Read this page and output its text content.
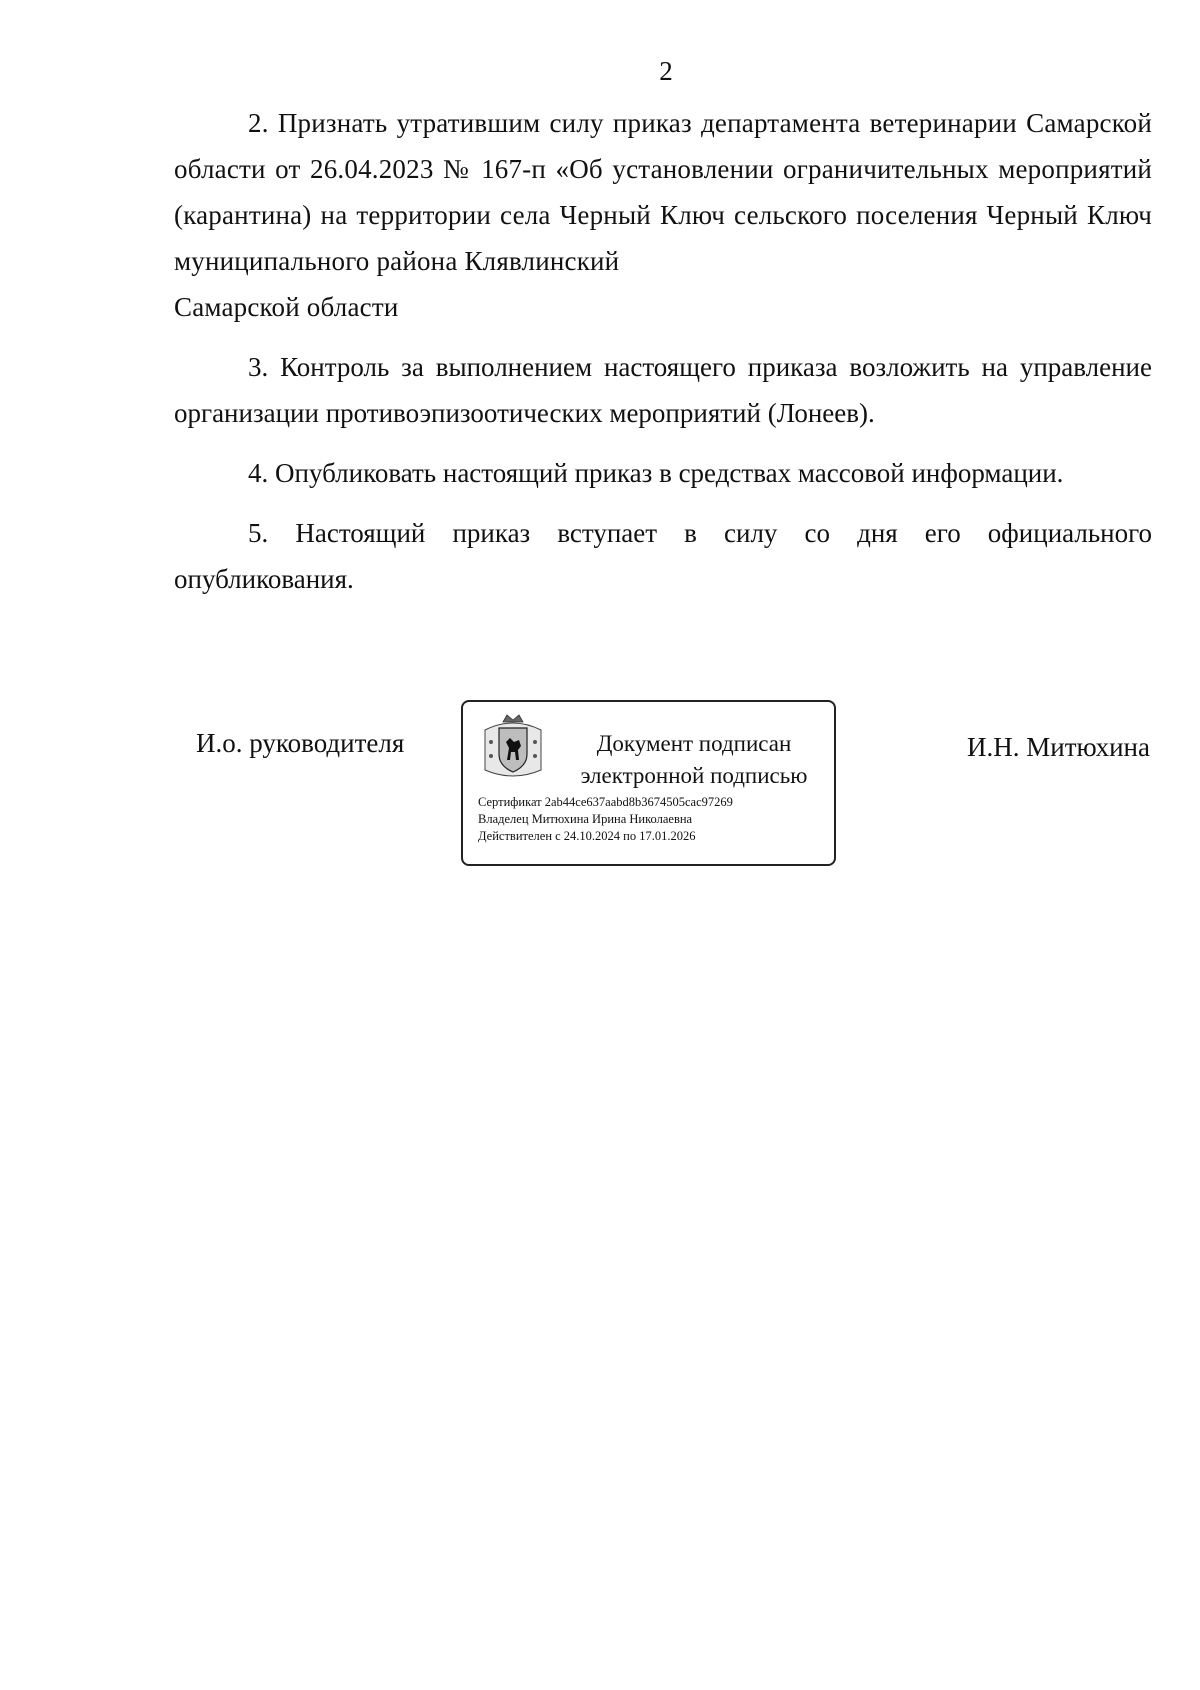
2

2. Признать утратившим силу приказ департамента ветеринарии Самарской области от 26.04.2023 № 167-п «Об установлении ограничительных мероприятий (карантина) на территории села Черный Ключ сельского поселения Черный Ключ муниципального района Клявлинский
Самарской области

3. Контроль за выполнением настоящего приказа возложить на управление организации противоэпизоотических мероприятий (Лонеев).

4. Опубликовать настоящий приказ в средствах массовой информации.

5. Настоящий приказ вступает в силу со дня его официального опубликования.

И.о. руководителя	Документ подписан
электронной подписью
Сертификат 2ab44ce637aabd8b3674505cac97269
Владелец Митюхина Ирина Николаевна
Действителен с 24.10.2024 по 17.01.2026
И.Н. Митюхина
